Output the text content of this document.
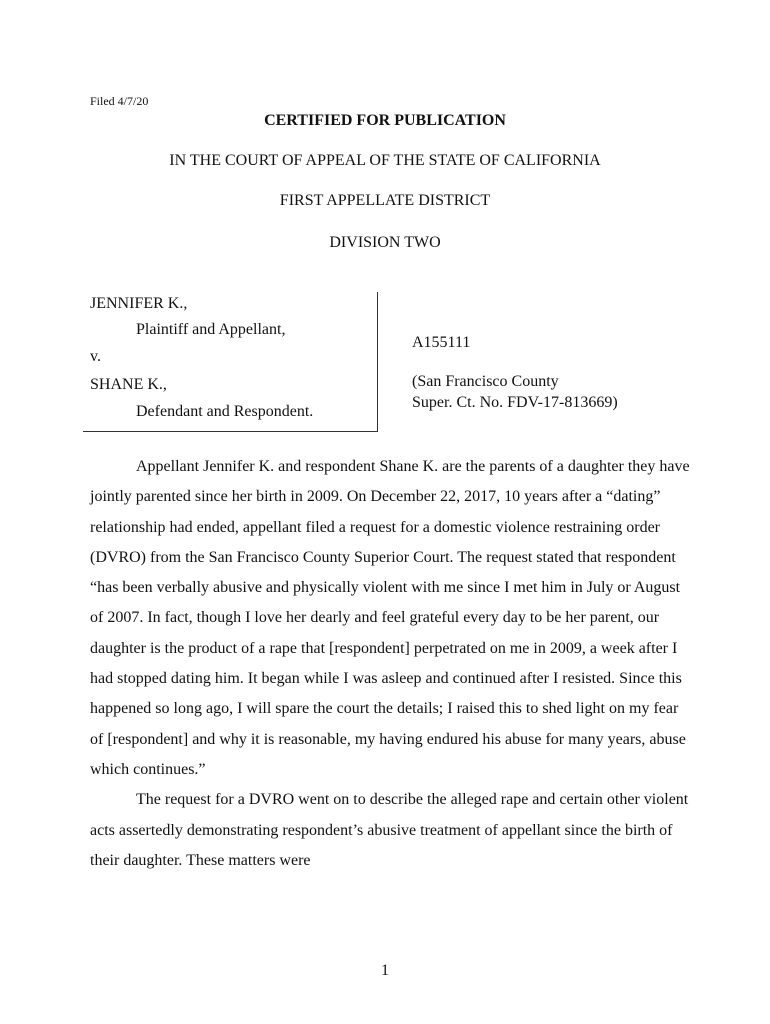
Filed 4/7/20
CERTIFIED FOR PUBLICATION
IN THE COURT OF APPEAL OF THE STATE OF CALIFORNIA
FIRST APPELLATE DISTRICT
DIVISION TWO
JENNIFER K.,
Plaintiff and Appellant,
v.
SHANE K.,
Defendant and Respondent.
A155111
(San Francisco County
Super. Ct. No. FDV-17-813669)

Appellant Jennifer K. and respondent Shane K. are the parents of a daughter they have jointly parented since her birth in 2009. On December 22, 2017, 10 years after a “dating” relationship had ended, appellant filed a request for a domestic violence restraining order (DVRO) from the San Francisco County Superior Court. The request stated that respondent “has been verbally abusive and physically violent with me since I met him in July or August of 2007. In fact, though I love her dearly and feel grateful every day to be her parent, our daughter is the product of a rape that [respondent] perpetrated on me in 2009, a week after I had stopped dating him. It began while I was asleep and continued after I resisted. Since this happened so long ago, I will spare the court the details; I raised this to shed light on my fear of [respondent] and why it is reasonable, my having endured his abuse for many years, abuse which continues.”

The request for a DVRO went on to describe the alleged rape and certain other violent acts assertedly demonstrating respondent’s abusive treatment of appellant since the birth of their daughter. These matters were

1
